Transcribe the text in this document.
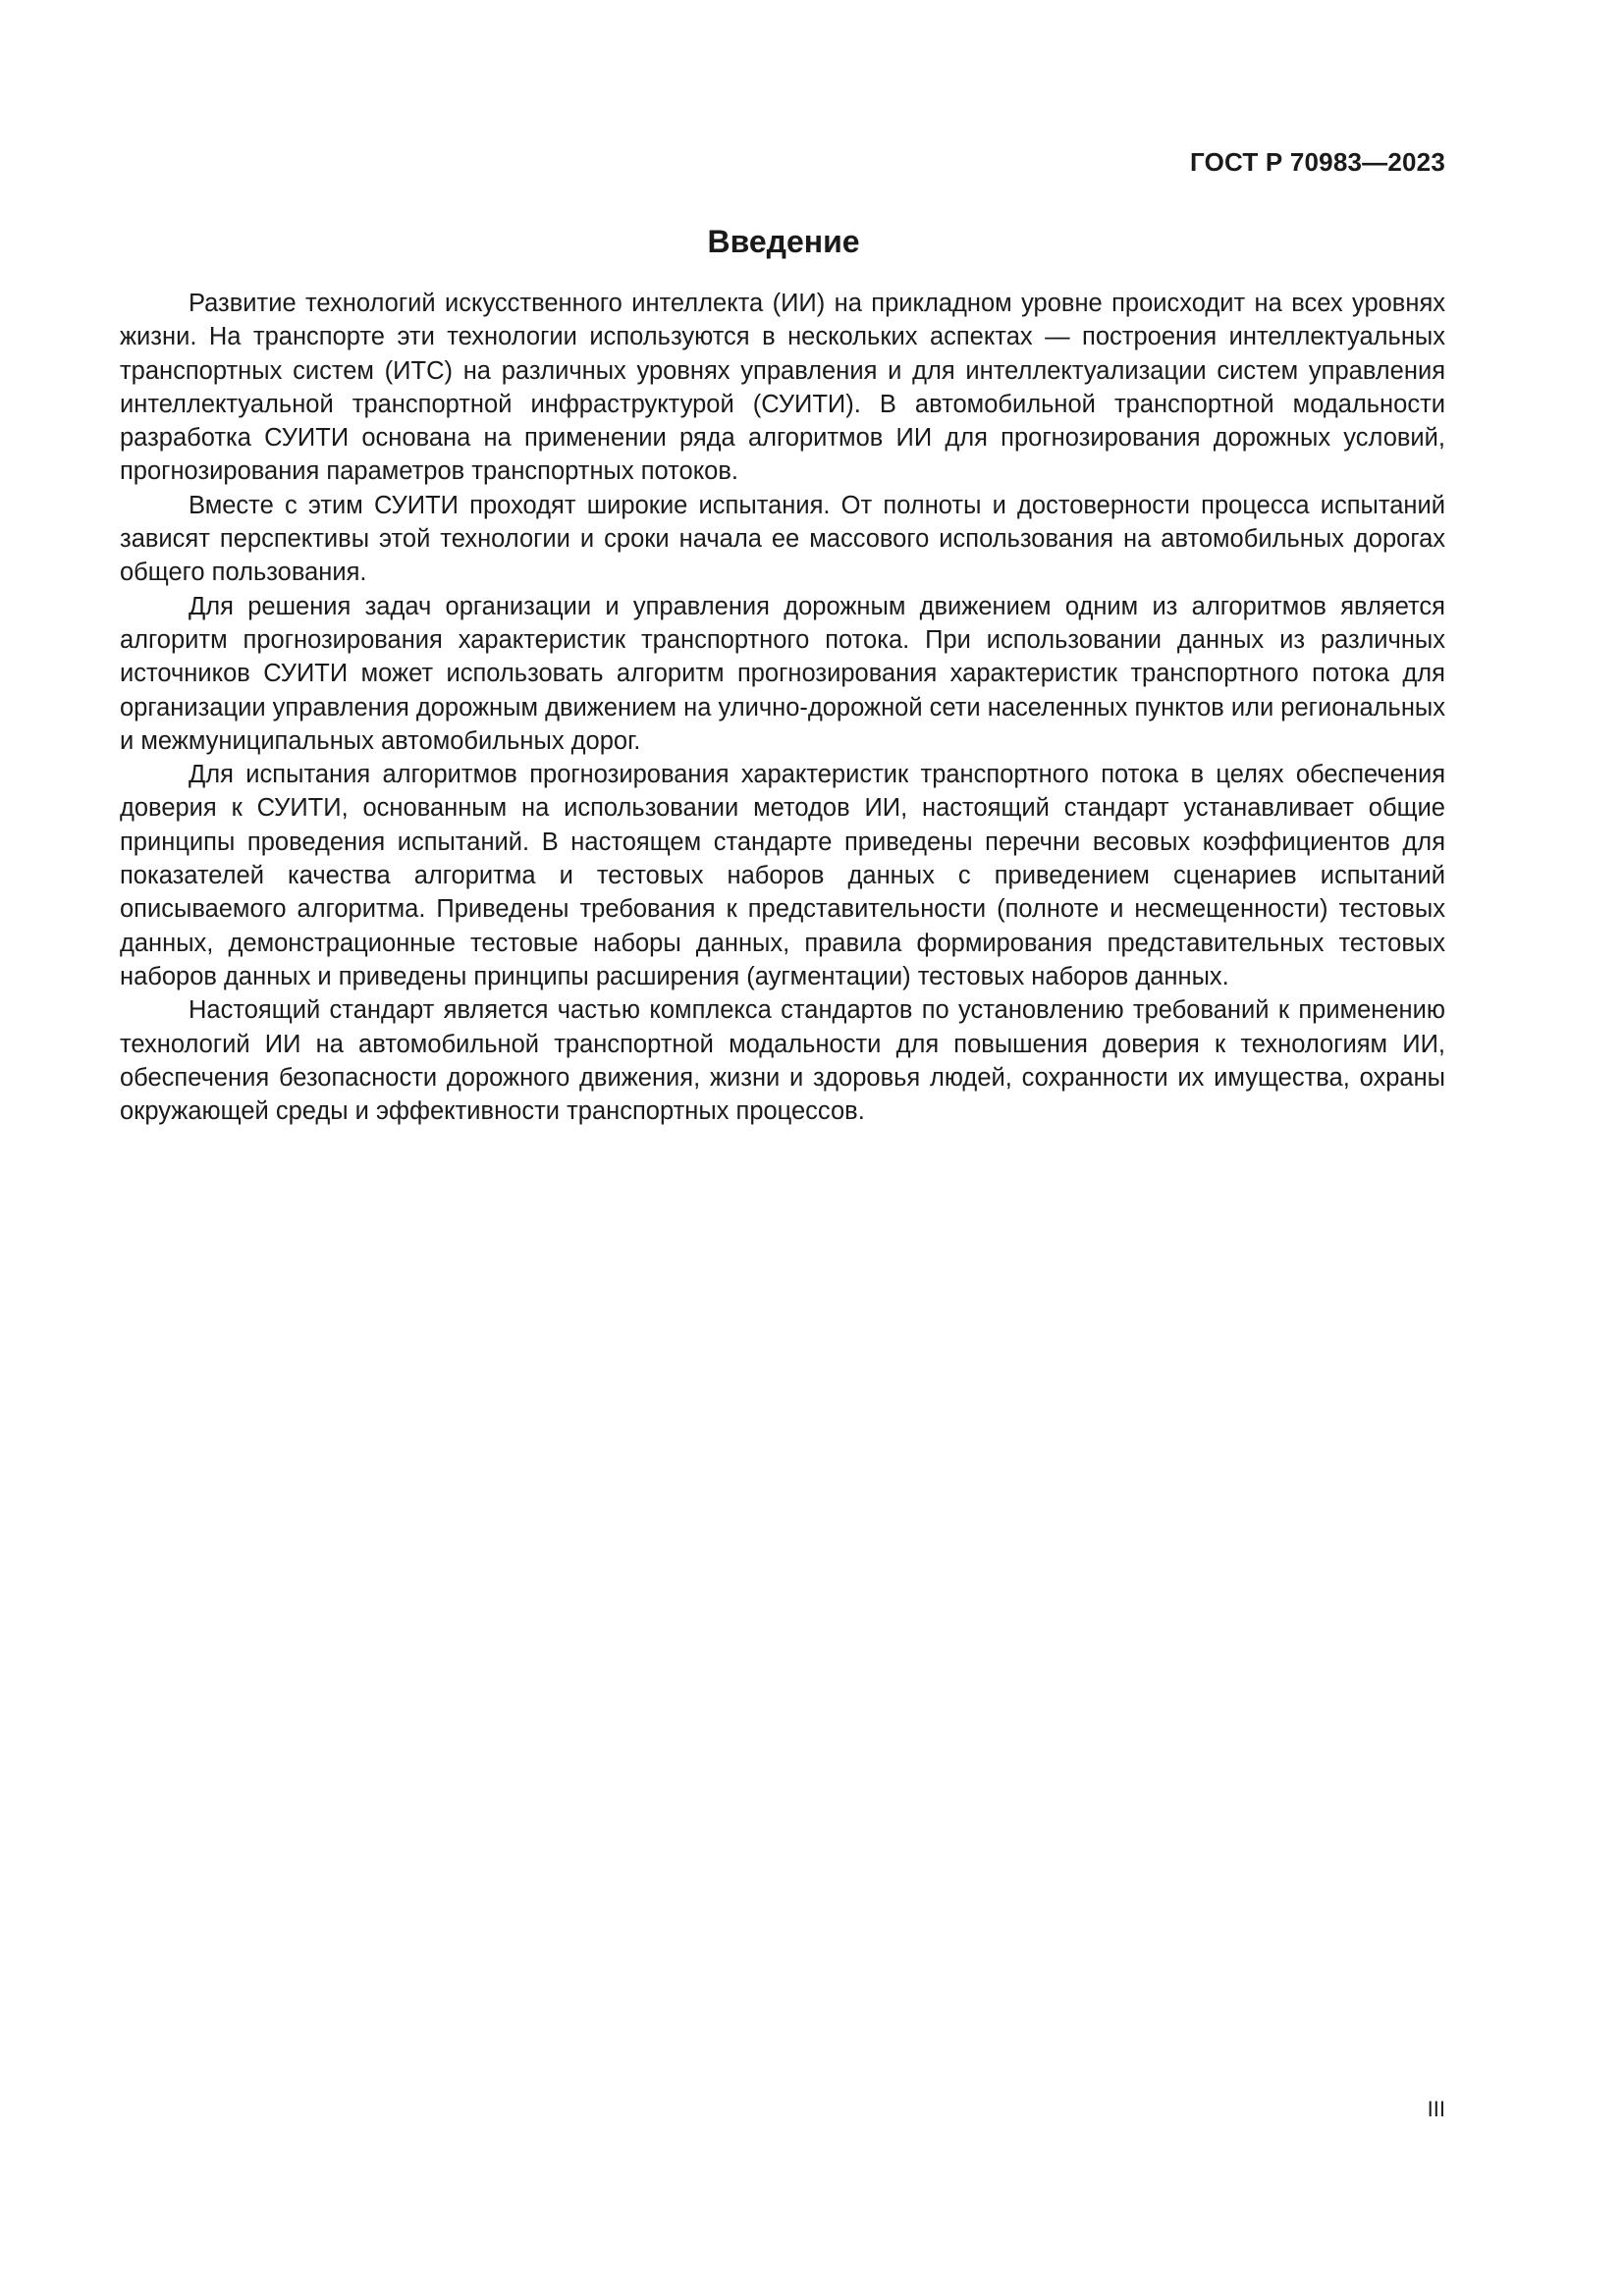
ГОСТ Р 70983—2023
Введение

Развитие технологий искусственного интеллекта (ИИ) на прикладном уровне происходит на всех уровнях жизни. На транспорте эти технологии используются в нескольких аспектах — построения интеллектуальных транспортных систем (ИТС) на различных уровнях управления и для интеллектуализации систем управления интеллектуальной транспортной инфраструктурой (СУИТИ). В автомобильной транспортной модальности разработка СУИТИ основана на применении ряда алгоритмов ИИ для прогнозирования дорожных условий, прогнозирования параметров транспортных потоков.

Вместе с этим СУИТИ проходят широкие испытания. От полноты и достоверности процесса испытаний зависят перспективы этой технологии и сроки начала ее массового использования на автомобильных дорогах общего пользования.

Для решения задач организации и управления дорожным движением одним из алгоритмов является алгоритм прогнозирования характеристик транспортного потока. При использовании данных из различных источников СУИТИ может использовать алгоритм прогнозирования характеристик транспортного потока для организации управления дорожным движением на улично-дорожной сети населенных пунктов или региональных и межмуниципальных автомобильных дорог.

Для испытания алгоритмов прогнозирования характеристик транспортного потока в целях обеспечения доверия к СУИТИ, основанным на использовании методов ИИ, настоящий стандарт устанавливает общие принципы проведения испытаний. В настоящем стандарте приведены перечни весовых коэффициентов для показателей качества алгоритма и тестовых наборов данных с приведением сценариев испытаний описываемого алгоритма. Приведены требования к представительности (полноте и несмещенности) тестовых данных, демонстрационные тестовые наборы данных, правила формирования представительных тестовых наборов данных и приведены принципы расширения (аугментации) тестовых наборов данных.

Настоящий стандарт является частью комплекса стандартов по установлению требований к применению технологий ИИ на автомобильной транспортной модальности для повышения доверия к технологиям ИИ, обеспечения безопасности дорожного движения, жизни и здоровья людей, сохранности их имущества, охраны окружающей среды и эффективности транспортных процессов.

III
